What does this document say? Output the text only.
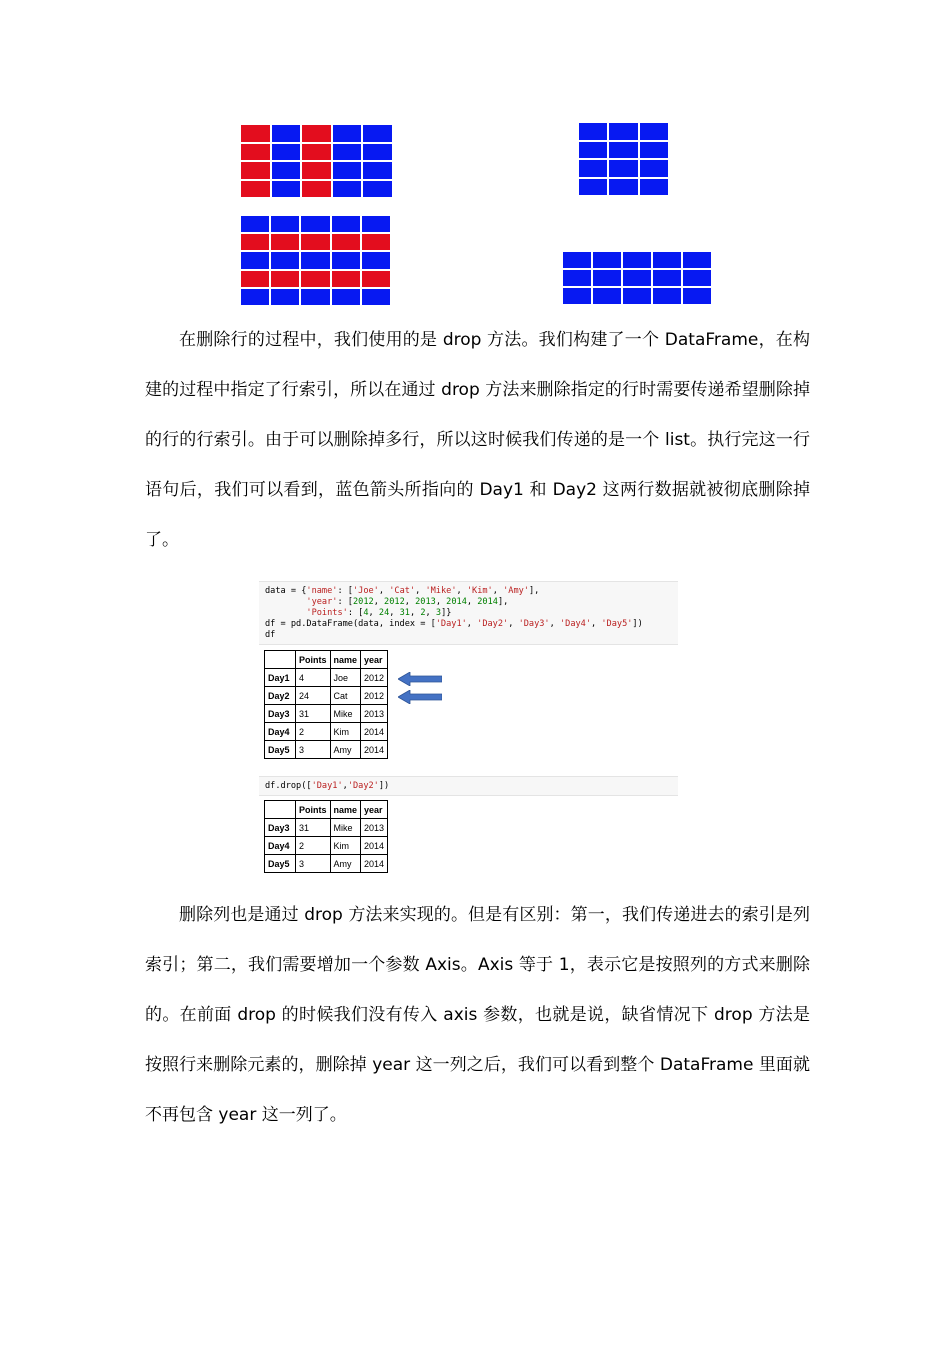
在删除行的过程中，我们使用的是 drop 方法。我们构建了一个 DataFrame，在构建的过程中指定了行索引，所以在通过 drop 方法来删除指定的行时需要传递希望删除掉的行的行索引。由于可以删除掉多行，所以这时候我们传递的是一个 list。执行完这一行语句后，我们可以看到，蓝色箭头所指向的 Day1 和 Day2 这两行数据就被彻底删除掉了。

data = {'name': ['Joe', 'Cat', 'Mike', 'Kim', 'Amy'],
'year': [2012, 2012, 2013, 2014, 2014],
'Points': [4, 24, 31, 2, 3]}
df = pd.DataFrame(data, index = ['Day1', 'Day2', 'Day3', 'Day4', 'Day5'])
df
	Points	name	year
Day1	4	Joe	2012
Day2	24	Cat	2012
Day3	31	Mike	2013
Day4	2	Kim	2014
Day5	3	Amy	2014
df.drop(['Day1','Day2'])
	Points	name	year
Day3	31	Mike	2013
Day4	2	Kim	2014
Day5	3	Amy	2014

删除列也是通过 drop 方法来实现的。但是有区别：第一，我们传递进去的索引是列索引；第二，我们需要增加一个参数 Axis。Axis 等于 1，表示它是按照列的方式来删除的。在前面 drop 的时候我们没有传入 axis 参数，也就是说，缺省情况下 drop 方法是按照行来删除元素的，删除掉 year 这一列之后，我们可以看到整个 DataFrame 里面就不再包含 year 这一列了。
